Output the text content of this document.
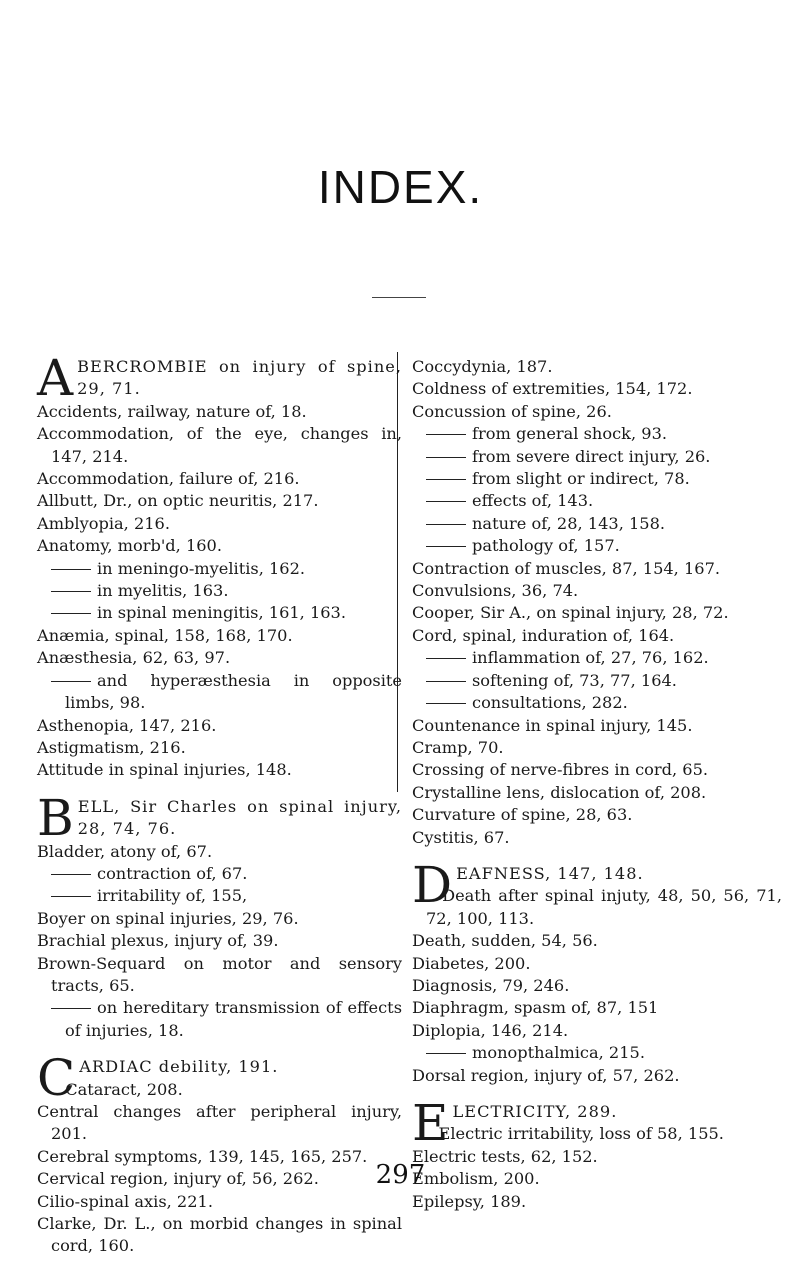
INDEX.

ABERCROMBIE on injury of spine, 29, 71.

Accidents, railway, nature of, 18.

Accommodation, of the eye, changes in, 147, 214.

Accommodation, failure of, 216.

Allbutt, Dr., on optic neuritis, 217.

Amblyopia, 216.

Anatomy, morb'd, 160.

in meningo-myelitis, 162.

in myelitis, 163.

in spinal meningitis, 161, 163.

Anæmia, spinal, 158, 168, 170.

Anæsthesia, 62, 63, 97.

and hyperæsthesia in opposite limbs, 98.

Asthenopia, 147, 216.

Astigmatism, 216.

Attitude in spinal injuries, 148.

BELL, Sir Charles on spinal injury, 28, 74, 76.

Bladder, atony of, 67.

contraction of, 67.

irritability of, 155,

Boyer on spinal injuries, 29, 76.

Brachial plexus, injury of, 39.

Brown-Sequard on motor and sensory tracts, 65.

on hereditary transmission of effects of injuries, 18.

CARDIAC debility, 191.

Cataract, 208.

Central changes after peripheral injury, 201.

Cerebral symptoms, 139, 145, 165, 257.

Cervical region, injury of, 56, 262.

Cilio-spinal axis, 221.

Clarke, Dr. L., on morbid changes in spinal cord, 160.

Coccydynia, 187.

Coldness of extremities, 154, 172.

Concussion of spine, 26.

from general shock, 93.

from severe direct injury, 26.

from slight or indirect, 78.

effects of, 143.

nature of, 28, 143, 158.

pathology of, 157.

Contraction of muscles, 87, 154, 167.

Convulsions, 36, 74.

Cooper, Sir A., on spinal injury, 28, 72.

Cord, spinal, induration of, 164.

inflammation of, 27, 76, 162.

softening of, 73, 77, 164.

consultations, 282.

Countenance in spinal injury, 145.

Cramp, 70.

Crossing of nerve-fibres in cord, 65.

Crystalline lens, dislocation of, 208.

Curvature of spine, 28, 63.

Cystitis, 67.

DEAFNESS, 147, 148.

Death after spinal injuty, 48, 50, 56, 71, 72, 100, 113.

Death, sudden, 54, 56.

Diabetes, 200.

Diagnosis, 79, 246.

Diaphragm, spasm of, 87, 151

Diplopia, 146, 214.

monopthalmica, 215.

Dorsal region, injury of, 57, 262.

ELECTRICITY, 289.

Electric irritability, loss of 58, 155.

Electric tests, 62, 152.

Embolism, 200.

Epilepsy, 189.

297
